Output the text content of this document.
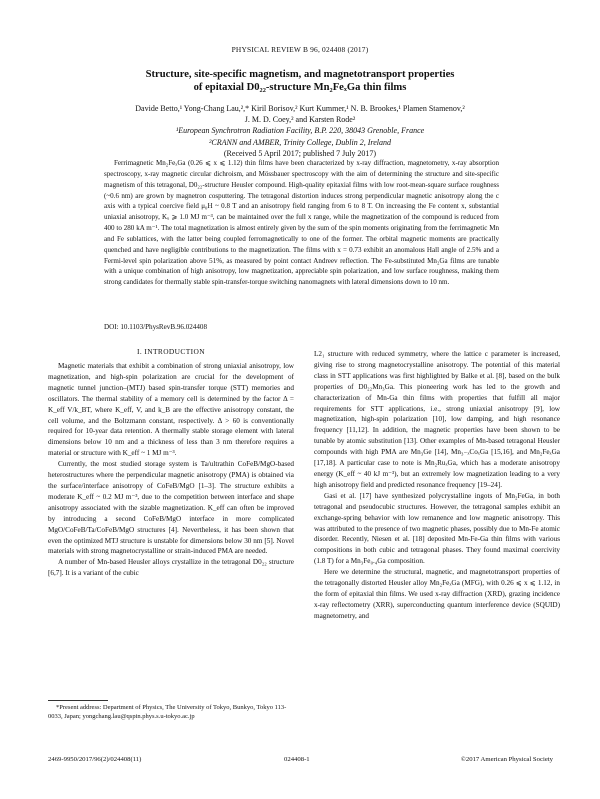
PHYSICAL REVIEW B 96, 024408 (2017)
Structure, site-specific magnetism, and magnetotransport properties
of epitaxial D0₂₂-structure Mn₂FeₓGa thin films
Davide Betto,¹ Yong-Chang Lau,²,* Kiril Borisov,² Kurt Kummer,¹ N. B. Brookes,¹ Plamen Stamenov,²
J. M. D. Coey,² and Karsten Rode²
¹European Synchrotron Radiation Facility, B.P. 220, 38043 Grenoble, France
²CRANN and AMBER, Trinity College, Dublin 2, Ireland
(Received 5 April 2017; published 7 July 2017)

Ferrimagnetic Mn₂FeₓGa (0.26 ⩽ x ⩽ 1.12) thin films have been characterized by x-ray diffraction, magnetometry, x-ray absorption spectroscopy, x-ray magnetic circular dichroism, and Mössbauer spectroscopy with the aim of determining the structure and site-specific magnetism of this tetragonal, D0₂₂-structure Heusler compound. High-quality epitaxial films with low root-mean-square surface roughness (~0.6 nm) are grown by magnetron cosputtering. The tetragonal distortion induces strong perpendicular magnetic anisotropy along the c axis with a typical coercive field μ₀H ~ 0.8 T and an anisotropy field ranging from 6 to 8 T. On increasing the Fe content x, substantial uniaxial anisotropy, Kᵤ ⩾ 1.0 MJ m⁻³, can be maintained over the full x range, while the magnetization of the compound is reduced from 400 to 280 kA m⁻¹. The total magnetization is almost entirely given by the sum of the spin moments originating from the ferrimagnetic Mn and Fe sublattices, with the latter being coupled ferromagnetically to one of the former. The orbital magnetic moments are practically quenched and have negligible contributions to the magnetization. The films with x = 0.73 exhibit an anomalous Hall angle of 2.5% and a Fermi-level spin polarization above 51%, as measured by point contact Andreev reflection. The Fe-substituted Mn₂Ga films are tunable with a unique combination of high anisotropy, low magnetization, appreciable spin polarization, and low surface roughness, making them strong candidates for thermally stable spin-transfer-torque switching nanomagnets with lateral dimensions down to 10 nm.

DOI: 10.1103/PhysRevB.96.024408
I. INTRODUCTION

Magnetic materials that exhibit a combination of strong uniaxial anisotropy, low magnetization, and high-spin polarization are crucial for the development of magnetic tunnel junction–(MTJ) based spin-transfer torque (STT) memories and oscillators. The thermal stability of a memory cell is determined by the factor Δ = K_eff V/k_BT, where K_eff, V, and k_B are the effective anisotropy constant, the cell volume, and the Boltzmann constant, respectively. Δ > 60 is conventionally required for 10-year data retention. A thermally stable storage element with lateral dimensions below 10 nm and a thickness of less than 3 nm therefore requires a material or structure with K_eff ~ 1 MJ m⁻³.

Currently, the most studied storage system is Ta/ultrathin CoFeB/MgO-based heterostructures where the perpendicular magnetic anisotropy (PMA) is obtained via the surface/interface anisotropy of CoFeB/MgO [1–3]. The structure exhibits a moderate K_eff ~ 0.2 MJ m⁻³, due to the competition between interface and shape anisotropy associated with the sizable magnetization. K_eff can often be improved by introducing a second CoFeB/MgO interface in more complicated MgO/CoFeB/Ta/CoFeB/MgO structures [4]. Nevertheless, it has been shown that even the optimized MTJ structure is unstable for dimensions below 30 nm [5]. Novel materials with strong magnetocrystalline or strain-induced PMA are needed.

A number of Mn-based Heusler alloys crystallize in the tetragonal D0₂₂ structure [6,7]. It is a variant of the cubic

*Present address: Department of Physics, The University of Tokyo, Bunkyo, Tokyo 113-0033, Japan; yongchang.lau@qspin.phys.s.u-tokyo.ac.jp

L2₁ structure with reduced symmetry, where the lattice c parameter is increased, giving rise to strong magnetocrystalline anisotropy. The potential of this material class in STT applications was first highlighted by Balke et al. [8], based on the bulk properties of D0₂₂Mn₃Ga. This pioneering work has led to the growth and characterization of Mn-Ga thin films with properties that fulfill all major requirements for STT applications, i.e., strong uniaxial anisotropy [9], low magnetization, high-spin polarization [10], low damping, and high resonance frequency [11,12]. In addition, the magnetic properties have been shown to be tunable by atomic substitution [13]. Other examples of Mn-based tetragonal Heusler compounds with high PMA are Mn₃Ge [14], Mn₃₋ₓCoₓGa [15,16], and Mn₂FeₓGa [17,18]. A particular case to note is Mn₂RuₓGa, which has a moderate anisotropy energy (K_eff ~ 40 kJ m⁻³), but an extremely low magnetization leading to a very high anisotropy field and predicted resonance frequency [19–24].

Gasi et al. [17] have synthesized polycrystalline ingots of Mn₂FeGa, in both tetragonal and pseudocubic structures. However, the tetragonal samples exhibit an exchange-spring behavior with low remanence and low magnetic anisotropy. This was attributed to the presence of two magnetic phases, possibly due to Mn-Fe atomic disorder. Recently, Niesen et al. [18] deposited Mn-Fe-Ga thin films with various compositions in both cubic and tetragonal phases. They found maximal coercivity (1.8 T) for a Mn₃Fe₀.₄Ga composition.

Here we determine the structural, magnetic, and magnetotransport properties of the tetragonally distorted Heusler alloy Mn₂FeₓGa (MFG), with 0.26 ⩽ x ⩽ 1.12, in the form of epitaxial thin films. We used x-ray diffraction (XRD), grazing incidence x-ray reflectometry (XRR), superconducting quantum interference device (SQUID) magnetometry, and

2469-9950/2017/96(2)/024408(11)	024408-1	©2017 American Physical Society
